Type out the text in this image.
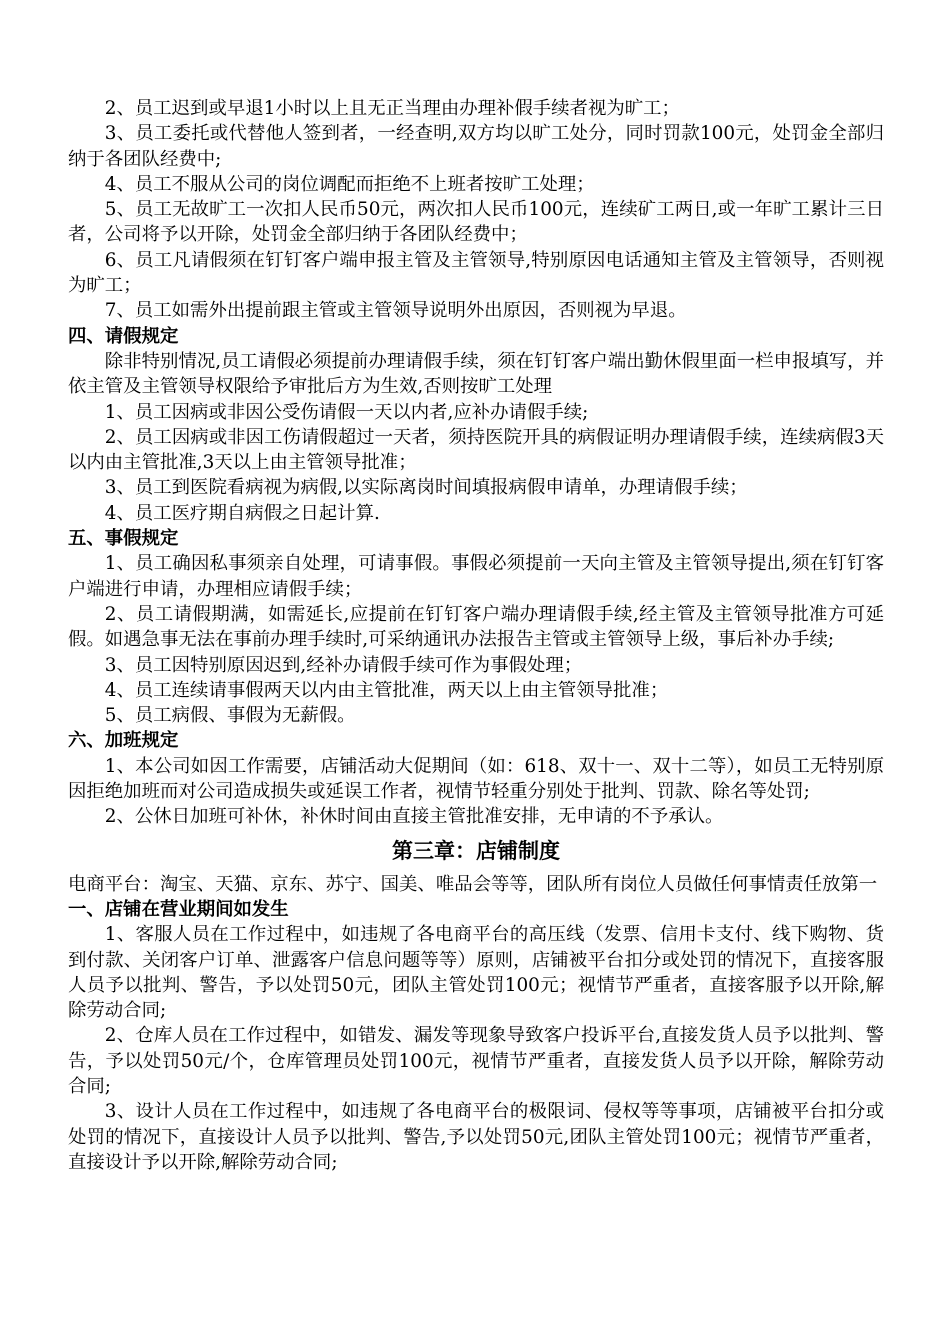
2、员工迟到或早退1小时以上且无正当理由办理补假手续者视为旷工；

3、员工委托或代替他人签到者，一经查明,双方均以旷工处分，同时罚款100元，处罚金全部归纳于各团队经费中;

4、员工不服从公司的岗位调配而拒绝不上班者按旷工处理；

5、员工无故旷工一次扣人民币50元，两次扣人民币100元，连续矿工两日,或一年旷工累计三日者，公司将予以开除，处罚金全部归纳于各团队经费中；

6、员工凡请假须在钉钉客户端申报主管及主管领导,特别原因电话通知主管及主管领导，否则视为旷工；

7、员工如需外出提前跟主管或主管领导说明外出原因，否则视为早退。

四、请假规定

除非特别情况,员工请假必须提前办理请假手续，须在钉钉客户端出勤休假里面一栏申报填写，并依主管及主管领导权限给予审批后方为生效,否则按旷工处理

1、员工因病或非因公受伤请假一天以内者,应补办请假手续;

2、员工因病或非因工伤请假超过一天者，须持医院开具的病假证明办理请假手续，连续病假3天以内由主管批准,3天以上由主管领导批准；

3、员工到医院看病视为病假,以实际离岗时间填报病假申请单，办理请假手续；

4、员工医疗期自病假之日起计算.

五、事假规定

1、员工确因私事须亲自处理，可请事假。事假必须提前一天向主管及主管领导提出,须在钉钉客户端进行申请，办理相应请假手续；

2、员工请假期满，如需延长,应提前在钉钉客户端办理请假手续,经主管及主管领导批准方可延假。如遇急事无法在事前办理手续时,可采纳通讯办法报告主管或主管领导上级，事后补办手续;

3、员工因特别原因迟到,经补办请假手续可作为事假处理；

4、员工连续请事假两天以内由主管批准，两天以上由主管领导批准；

5、员工病假、事假为无薪假。

六、加班规定

1、本公司如因工作需要，店铺活动大促期间（如：618、双十一、双十二等），如员工无特别原因拒绝加班而对公司造成损失或延误工作者，视情节轻重分别处于批判、罚款、除名等处罚;

2、公休日加班可补休，补休时间由直接主管批准安排，无申请的不予承认。

第三章：店铺制度

电商平台：淘宝、天猫、京东、苏宁、国美、唯品会等等，团队所有岗位人员做任何事情责任放第一

一、店铺在营业期间如发生

1、客服人员在工作过程中，如违规了各电商平台的高压线（发票、信用卡支付、线下购物、货到付款、关闭客户订单、泄露客户信息问题等等）原则，店铺被平台扣分或处罚的情况下，直接客服人员予以批判、警告，予以处罚50元，团队主管处罚100元；视情节严重者，直接客服予以开除,解除劳动合同;

2、仓库人员在工作过程中，如错发、漏发等现象导致客户投诉平台,直接发货人员予以批判、警告，予以处罚50元/个，仓库管理员处罚100元，视情节严重者，直接发货人员予以开除，解除劳动合同;

3、设计人员在工作过程中，如违规了各电商平台的极限词、侵权等等事项，店铺被平台扣分或处罚的情况下，直接设计人员予以批判、警告,予以处罚50元,团队主管处罚100元；视情节严重者，直接设计予以开除,解除劳动合同;
